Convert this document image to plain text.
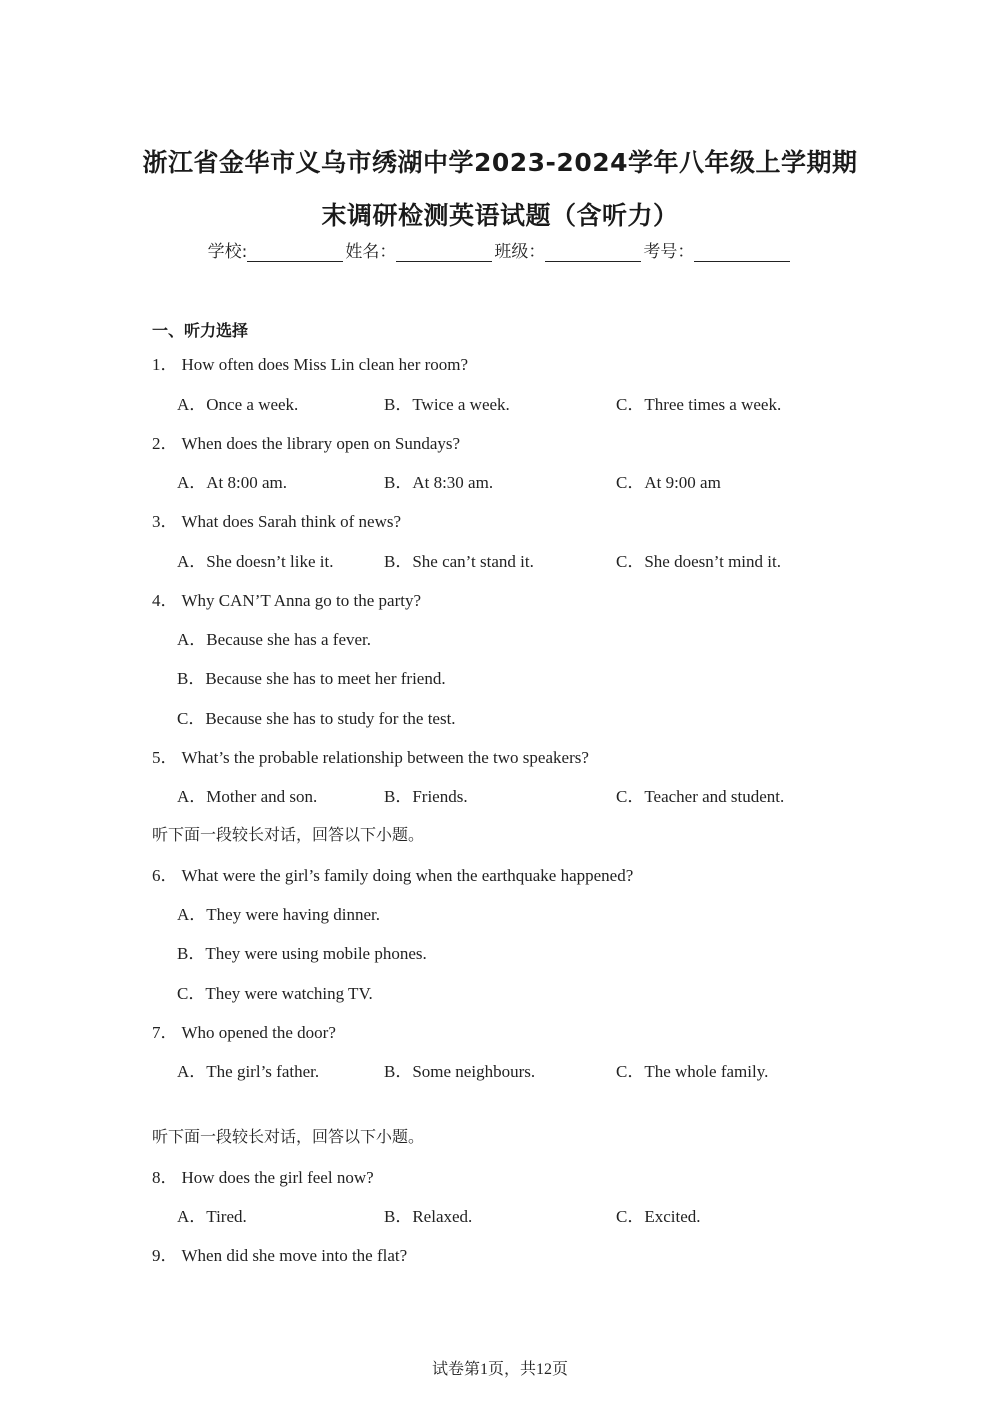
浙江省金华市义乌市绣湖中学2023-2024学年八年级上学期期
末调研检测英语试题（含听力）
学校:	姓名：	班级：	考号：
一、听力选择
1． How often does Miss Lin clean her room?
A．Once a week.	B．Twice a week.	C．Three times a week.
2． When does the library open on Sundays?
A．At 8:00 am.	B．At 8:30 am.	C．At 9:00 am
3． What does Sarah think of news?
A．She doesn’t like it.	B．She can’t stand it.	C．She doesn’t mind it.
4． Why CAN’T Anna go to the party?
A．Because she has a fever.
B．Because she has to meet her friend.
C．Because she has to study for the test.
5． What’s the probable relationship between the two speakers?
A．Mother and son.	B．Friends.	C．Teacher and student.
听下面一段较长对话，回答以下小题。
6． What were the girl’s family doing when the earthquake happened?
A．They were having dinner.
B．They were using mobile phones.
C．They were watching TV.
7． Who opened the door?
A．The girl’s father.	B．Some neighbours.	C．The whole family.
听下面一段较长对话，回答以下小题。
8． How does the girl feel now?
A．Tired.	B．Relaxed.	C．Excited.
9． When did she move into the flat?
试卷第1页，共12页
